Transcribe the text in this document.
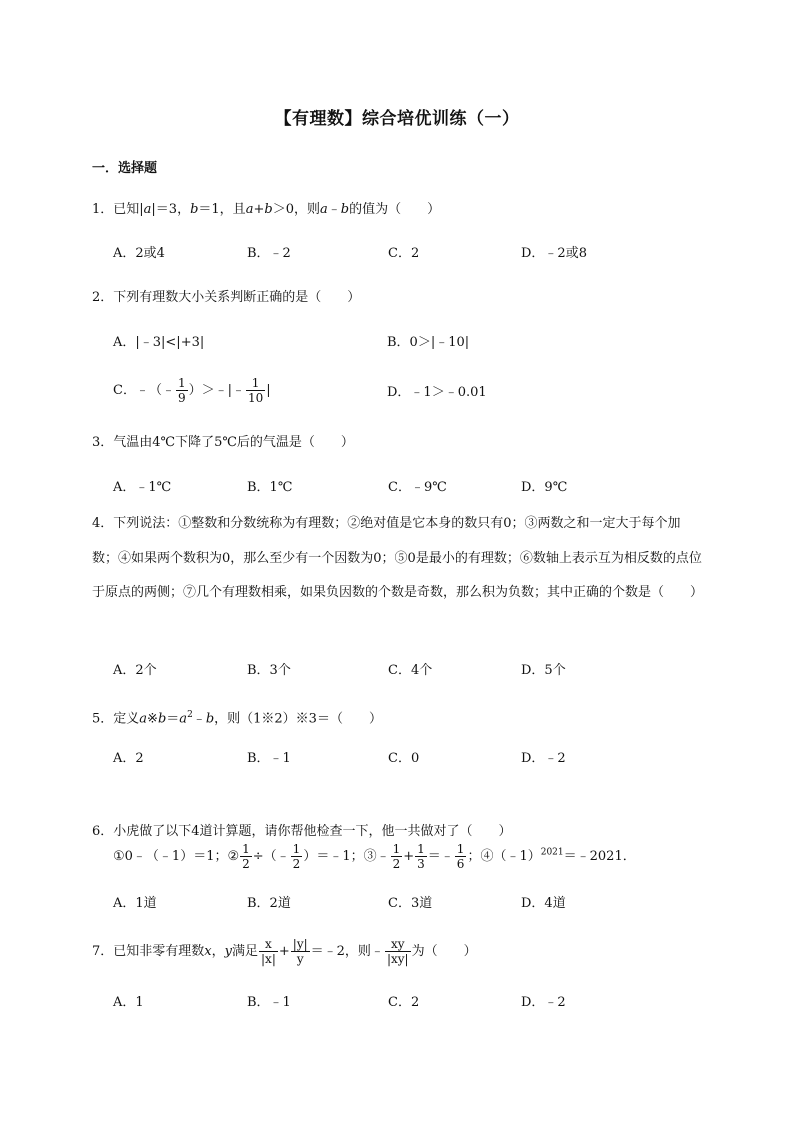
【有理数】综合培优训练（一）
一．选择题
1．已知|a|＝3，b＝1，且a+b＞0，则a﹣b的值为（　　）
A．2或4	B．﹣2	C．2	D．﹣2或8
2．下列有理数大小关系判断正确的是（　　）
A．|﹣3|<|+3|	B．0＞|﹣10|
C．﹣（﹣ $\frac{1}{9}$ ）＞﹣|﹣ $\frac{1}{10}$ |	D．﹣1＞﹣0.01
3．气温由4℃下降了5℃后的气温是（　　）
A．﹣1℃	B．1℃	C．﹣9℃	D．9℃
4．下列说法：①整数和分数统称为有理数；②绝对值是它本身的数只有0；③两数之和一定大于每个加数；④如果两个数积为0，那么至少有一个因数为0；⑤0是最小的有理数；⑥数轴上表示互为相反数的点位于原点的两侧；⑦几个有理数相乘，如果负因数的个数是奇数，那么积为负数；其中正确的个数是（　　）
A．2个	B．3个	C．4个	D．5个
5．定义$a※b=a^2﹣b$，则（1※2）※3＝（　　）
A．2	B．﹣1	C．0	D．﹣2
6．小虎做了以下4道计算题，请你帮他检查一下，他一共做对了（　　）
①0﹣（﹣1）＝1；② $\frac{1}{2}$ ÷（﹣ $\frac{1}{2}$ ）＝﹣1；③﹣ $\frac{1}{2} + \frac{1}{3}$ ＝﹣ $\frac{1}{6}$ ；④（﹣1）$^{2021}$＝﹣2021．
A．1道	B．2道	C．3道	D．4道
7．已知非零有理数x，y满足 $\frac{x}{|x|} + \frac{|y|}{y}$ ＝﹣2，则﹣ $\frac{xy}{|xy|}$ 为（　　）
A．1	B．﹣1	C．2	D．﹣2
